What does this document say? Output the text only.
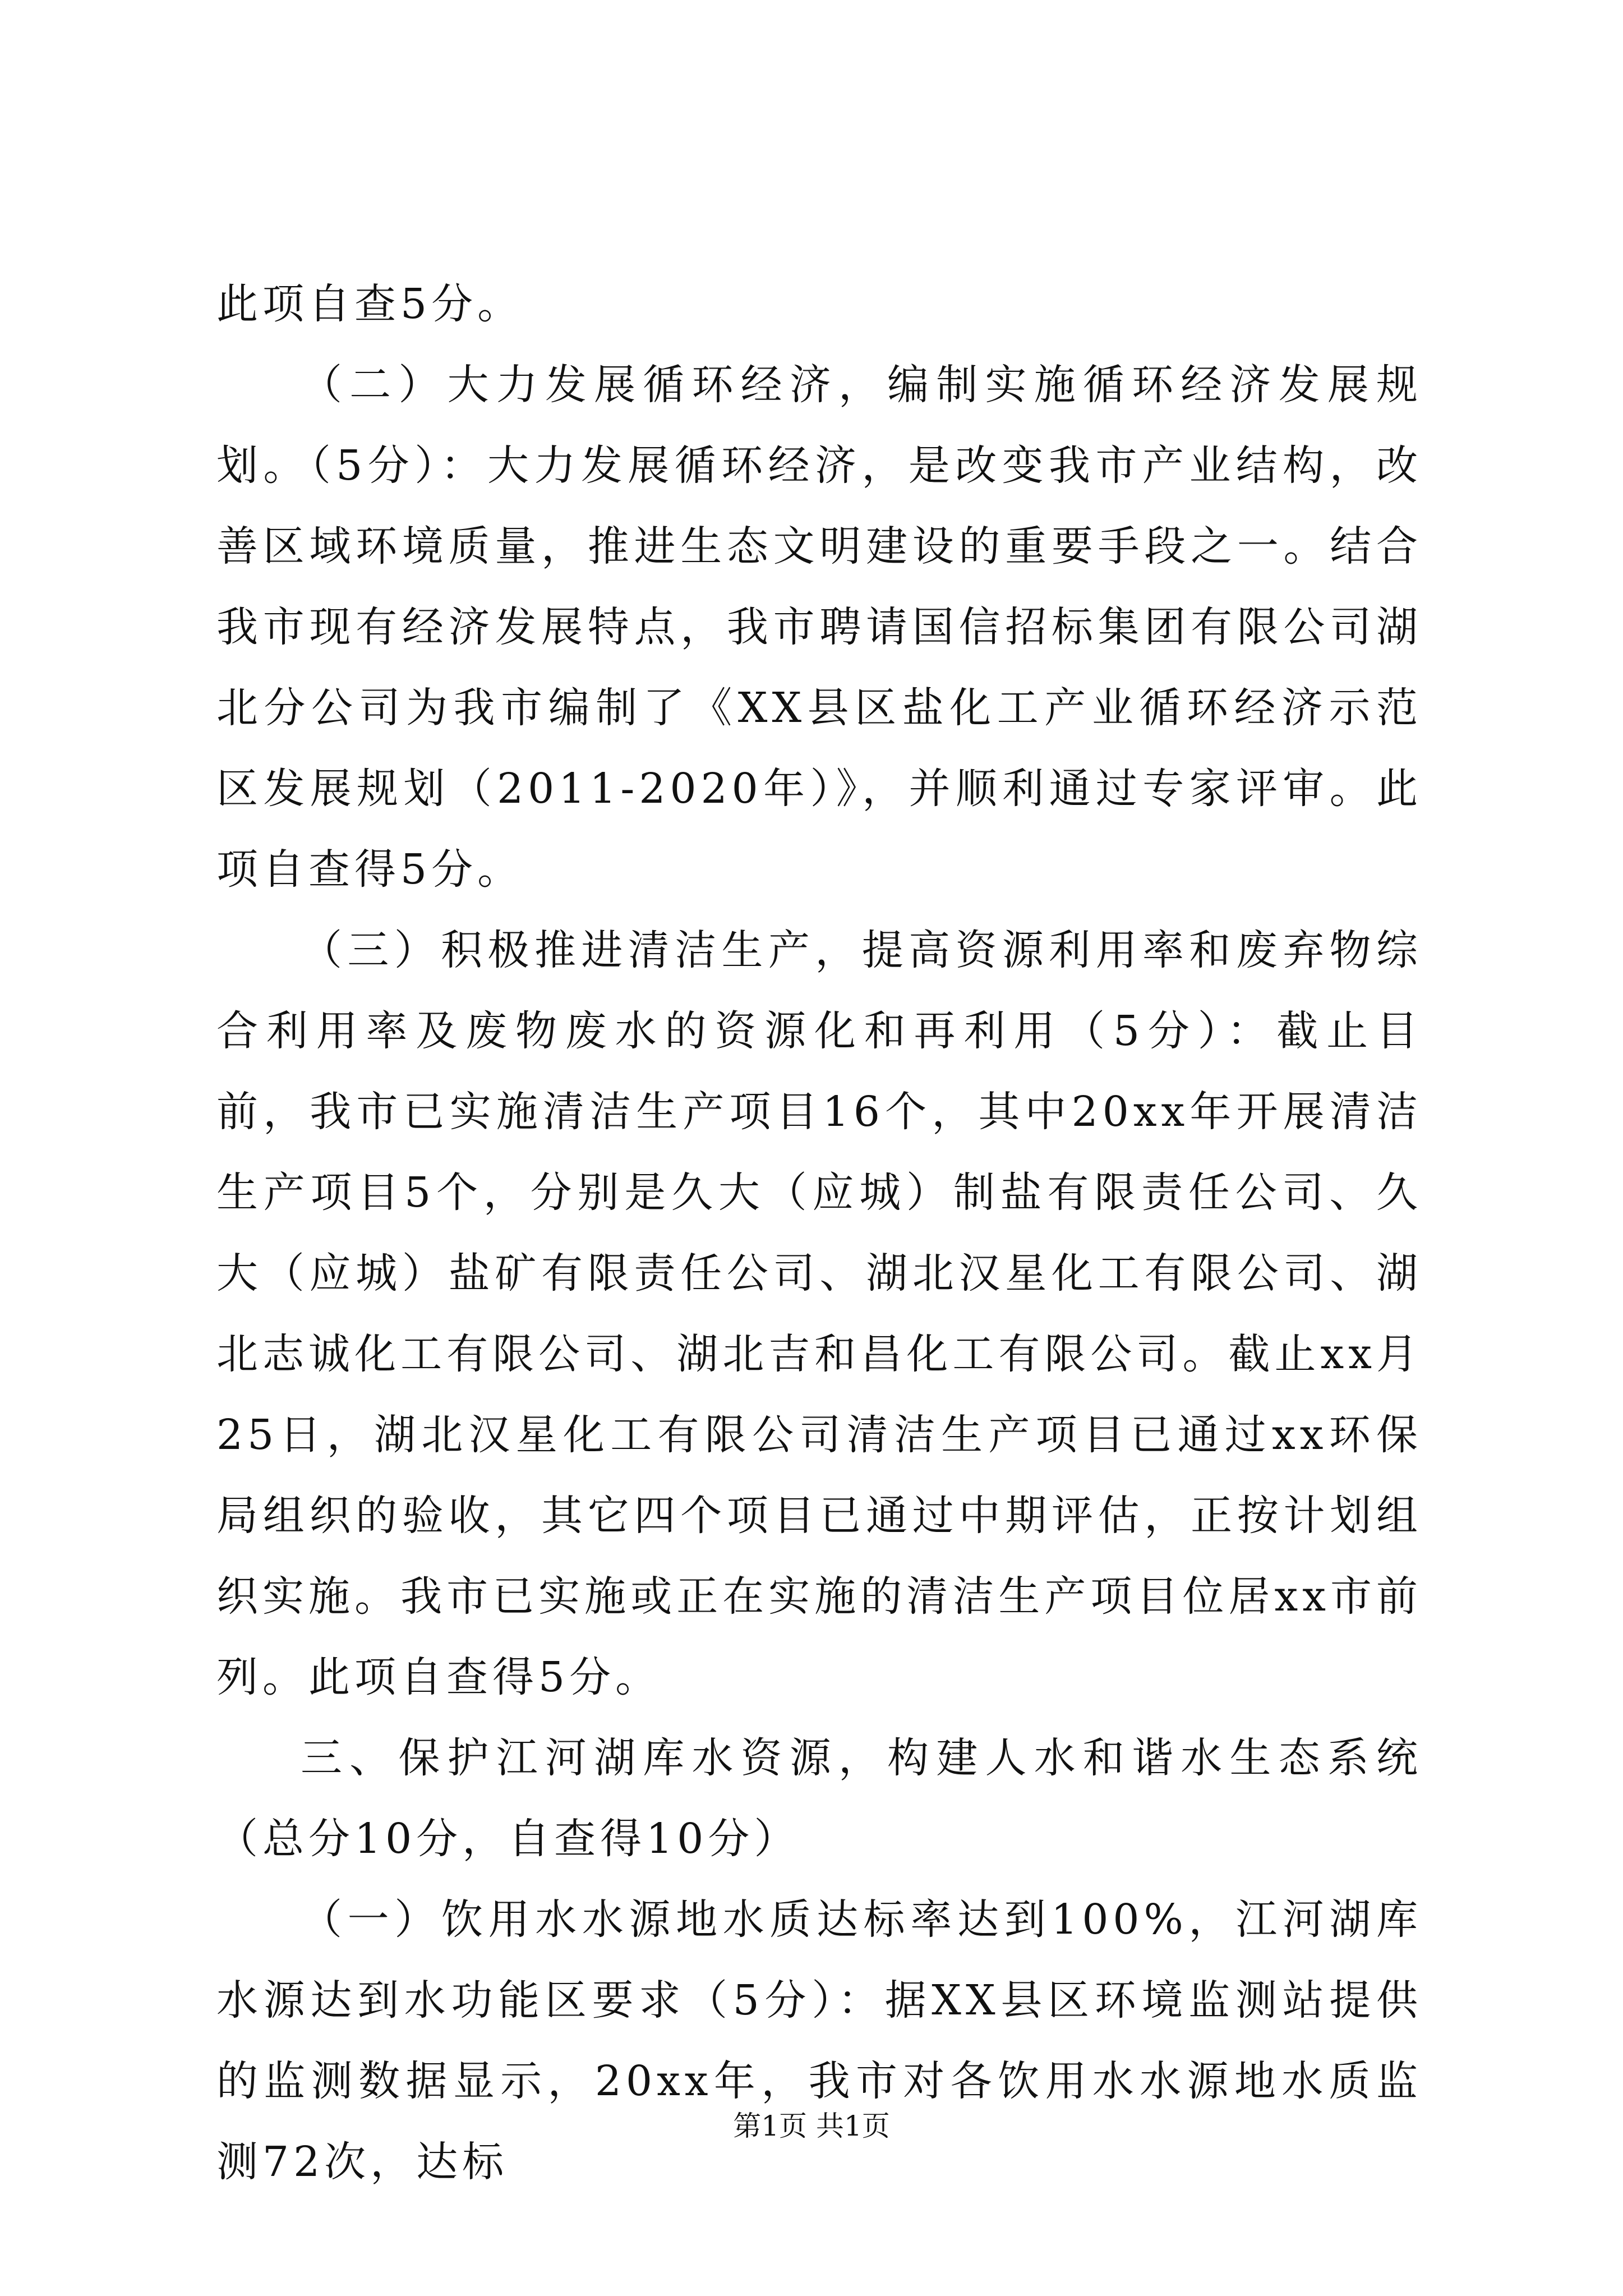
此项自查5分。

（二）大力发展循环经济，编制实施循环经济发展规划。（5分）：大力发展循环经济，是改变我市产业结构，改善区域环境质量，推进生态文明建设的重要手段之一。结合我市现有经济发展特点，我市聘请国信招标集团有限公司湖北分公司为我市编制了《XX县区盐化工产业循环经济示范区发展规划（2011-2020年）》，并顺利通过专家评审。此项自查得5分。

（三）积极推进清洁生产，提高资源利用率和废弃物综合利用率及废物废水的资源化和再利用（5分）：截止目前，我市已实施清洁生产项目16个，其中20xx年开展清洁生产项目5个，分别是久大（应城）制盐有限责任公司、久大（应城）盐矿有限责任公司、湖北汉星化工有限公司、湖北志诚化工有限公司、湖北吉和昌化工有限公司。截止xx月25日，湖北汉星化工有限公司清洁生产项目已通过xx环保局组织的验收，其它四个项目已通过中期评估，正按计划组织实施。我市已实施或正在实施的清洁生产项目位居xx市前列。此项自查得5分。

三、保护江河湖库水资源，构建人水和谐水生态系统（总分10分，自查得10分）

（一）饮用水水源地水质达标率达到100%，江河湖库水源达到水功能区要求（5分）：据XX县区环境监测站提供的监测数据显示，20xx年，我市对各饮用水水源地水质监测72次，达标

第1页 共1页
